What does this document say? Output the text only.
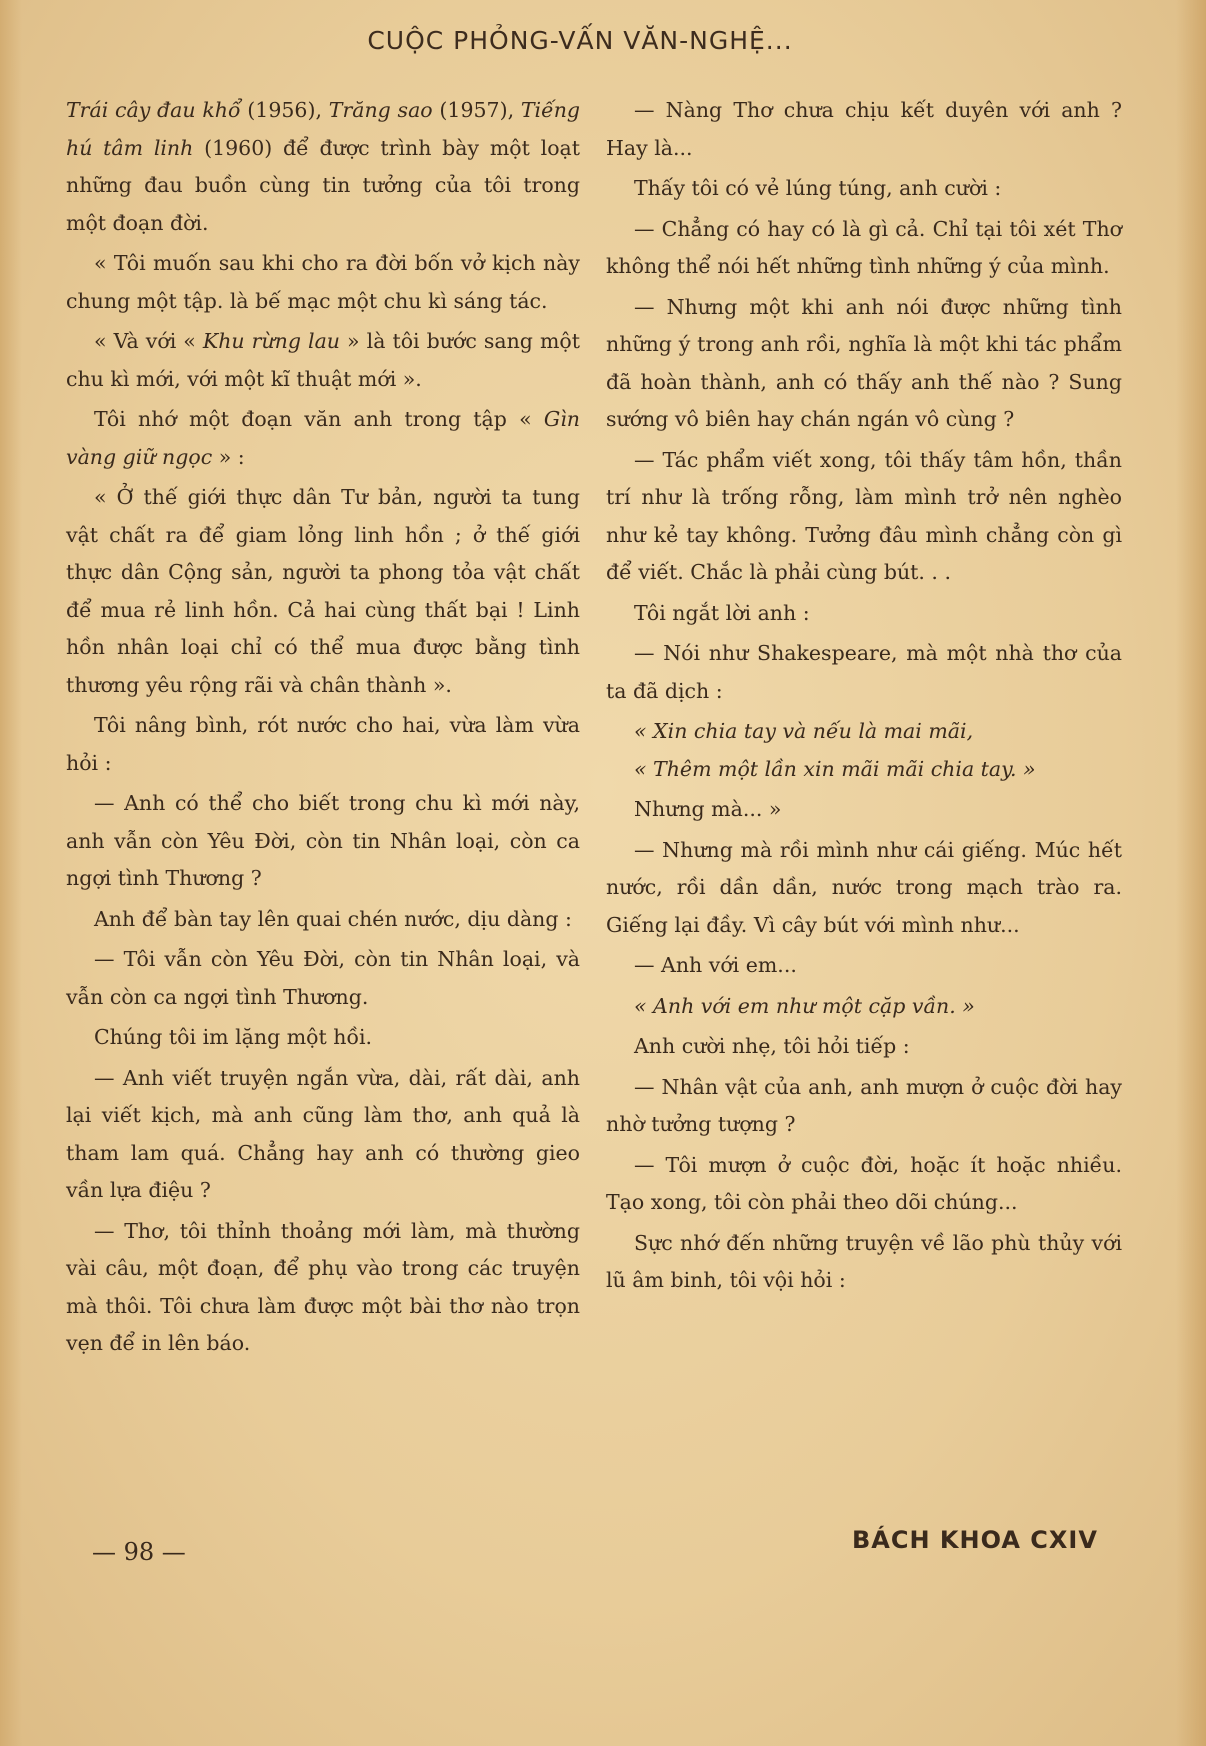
CUỘC PHỎNG-VẤN VĂN-NGHỆ...

Trái cây đau khổ (1956), Trăng sao (1957), Tiếng hú tâm linh (1960) để được trình bày một loạt những đau buồn cùng tin tưởng của tôi trong một đoạn đời.

« Tôi muốn sau khi cho ra đời bốn vở kịch này chung một tập. là bế mạc một chu kì sáng tác.

« Và với « Khu rừng lau » là tôi bước sang một chu kì mới, với một kĩ thuật mới ».

Tôi nhớ một đoạn văn anh trong tập « Gìn vàng giữ ngọc » :

« Ở thế giới thực dân Tư bản, người ta tung vật chất ra để giam lỏng linh hồn ; ở thế giới thực dân Cộng sản, người ta phong tỏa vật chất để mua rẻ linh hồn. Cả hai cùng thất bại ! Linh hồn nhân loại chỉ có thể mua được bằng tình thương yêu rộng rãi và chân thành ».

Tôi nâng bình, rót nước cho hai, vừa làm vừa hỏi :

— Anh có thể cho biết trong chu kì mới này, anh vẫn còn Yêu Đời, còn tin Nhân loại, còn ca ngợi tình Thương ?

Anh để bàn tay lên quai chén nước, dịu dàng :

— Tôi vẫn còn Yêu Đời, còn tin Nhân loại, và vẫn còn ca ngợi tình Thương.

Chúng tôi im lặng một hồi.

— Anh viết truyện ngắn vừa, dài, rất dài, anh lại viết kịch, mà anh cũng làm thơ, anh quả là tham lam quá. Chẳng hay anh có thường gieo vần lựa điệu ?

— Thơ, tôi thỉnh thoảng mới làm, mà thường vài câu, một đoạn, để phụ vào trong các truyện mà thôi. Tôi chưa làm được một bài thơ nào trọn vẹn để in lên báo.

— Nàng Thơ chưa chịu kết duyên với anh ? Hay là...

Thấy tôi có vẻ lúng túng, anh cười :

— Chẳng có hay có là gì cả. Chỉ tại tôi xét Thơ không thể nói hết những tình những ý của mình.

— Nhưng một khi anh nói được những tình những ý trong anh rồi, nghĩa là một khi tác phẩm đã hoàn thành, anh có thấy anh thế nào ? Sung sướng vô biên hay chán ngán vô cùng ?

— Tác phẩm viết xong, tôi thấy tâm hồn, thần trí như là trống rỗng, làm mình trở nên nghèo như kẻ tay không. Tưởng đâu mình chẳng còn gì để viết. Chắc là phải cùng bút. . .

Tôi ngắt lời anh :

— Nói như Shakespeare, mà một nhà thơ của ta đã dịch :

« Xin chia tay và nếu là mai mãi,

« Thêm một lần xin mãi mãi chia tay. »

Nhưng mà... »

— Nhưng mà rồi mình như cái giếng. Múc hết nước, rồi dần dần, nước trong mạch trào ra. Giếng lại đầy. Vì cây bút với mình như...

— Anh với em...

« Anh với em như một cặp vần. »

Anh cười nhẹ, tôi hỏi tiếp :

— Nhân vật của anh, anh mượn ở cuộc đời hay nhờ tưởng tượng ?

— Tôi mượn ở cuộc đời, hoặc ít hoặc nhiều. Tạo xong, tôi còn phải theo dõi chúng...

Sực nhớ đến những truyện về lão phù thủy với lũ âm binh, tôi vội hỏi :

— 98 —	BÁCH KHOA CXIV
